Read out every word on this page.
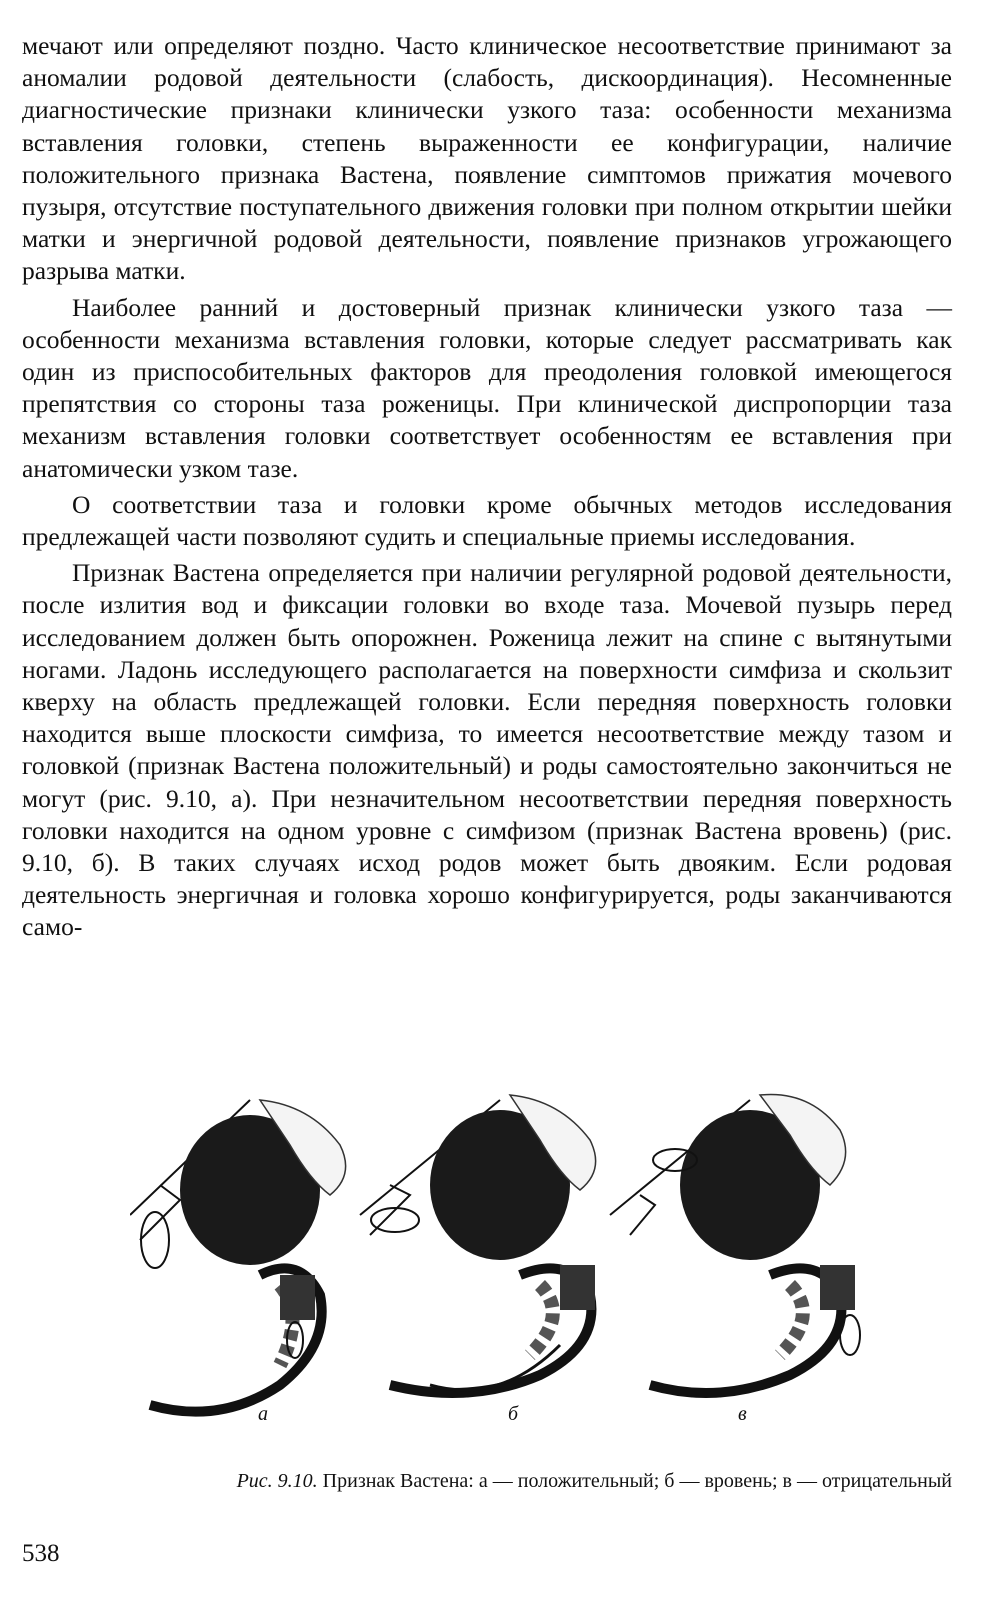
мечают или определяют поздно. Часто клиническое несоответствие принимают за аномалии родовой деятельности (слабость, дискоординация). Несомненные диагностические признаки клинически узкого таза: особенности механизма вставления головки, степень выраженности ее конфигурации, наличие положительного признака Вастена, появление симптомов прижатия мочевого пузыря, отсутствие поступательного движения головки при полном открытии шейки матки и энергичной родовой деятельности, появление признаков угрожающего разрыва матки.

Наиболее ранний и достоверный признак клинически узкого таза — особенности механизма вставления головки, которые следует рассматривать как один из приспособительных факторов для преодоления головкой имеющегося препятствия со стороны таза роженицы. При клинической диспропорции таза механизм вставления головки соответствует особенностям ее вставления при анатомически узком тазе.

О соответствии таза и головки кроме обычных методов исследования предлежащей части позволяют судить и специальные приемы исследования.

Признак Вастена определяется при наличии регулярной родовой деятельности, после излития вод и фиксации головки во входе таза. Мочевой пузырь перед исследованием должен быть опорожнен. Роженица лежит на спине с вытянутыми ногами. Ладонь исследующего располагается на поверхности симфиза и скользит кверху на область предлежащей головки. Если передняя поверхность головки находится выше плоскости симфиза, то имеется несоответствие между тазом и головкой (признак Вастена положительный) и роды самостоятельно закончиться не могут (рис. 9.10, а). При незначительном несоответствии передняя поверхность головки находится на одном уровне с симфизом (признак Вастена вровень) (рис. 9.10, б). В таких случаях исход родов может быть двояким. Если родовая деятельность энергичная и головка хорошо конфигурируется, роды заканчиваются само-

а	б	в
Рис. 9.10. Признак Вастена: а — положительный; б — вровень; в — отрицательный
538
